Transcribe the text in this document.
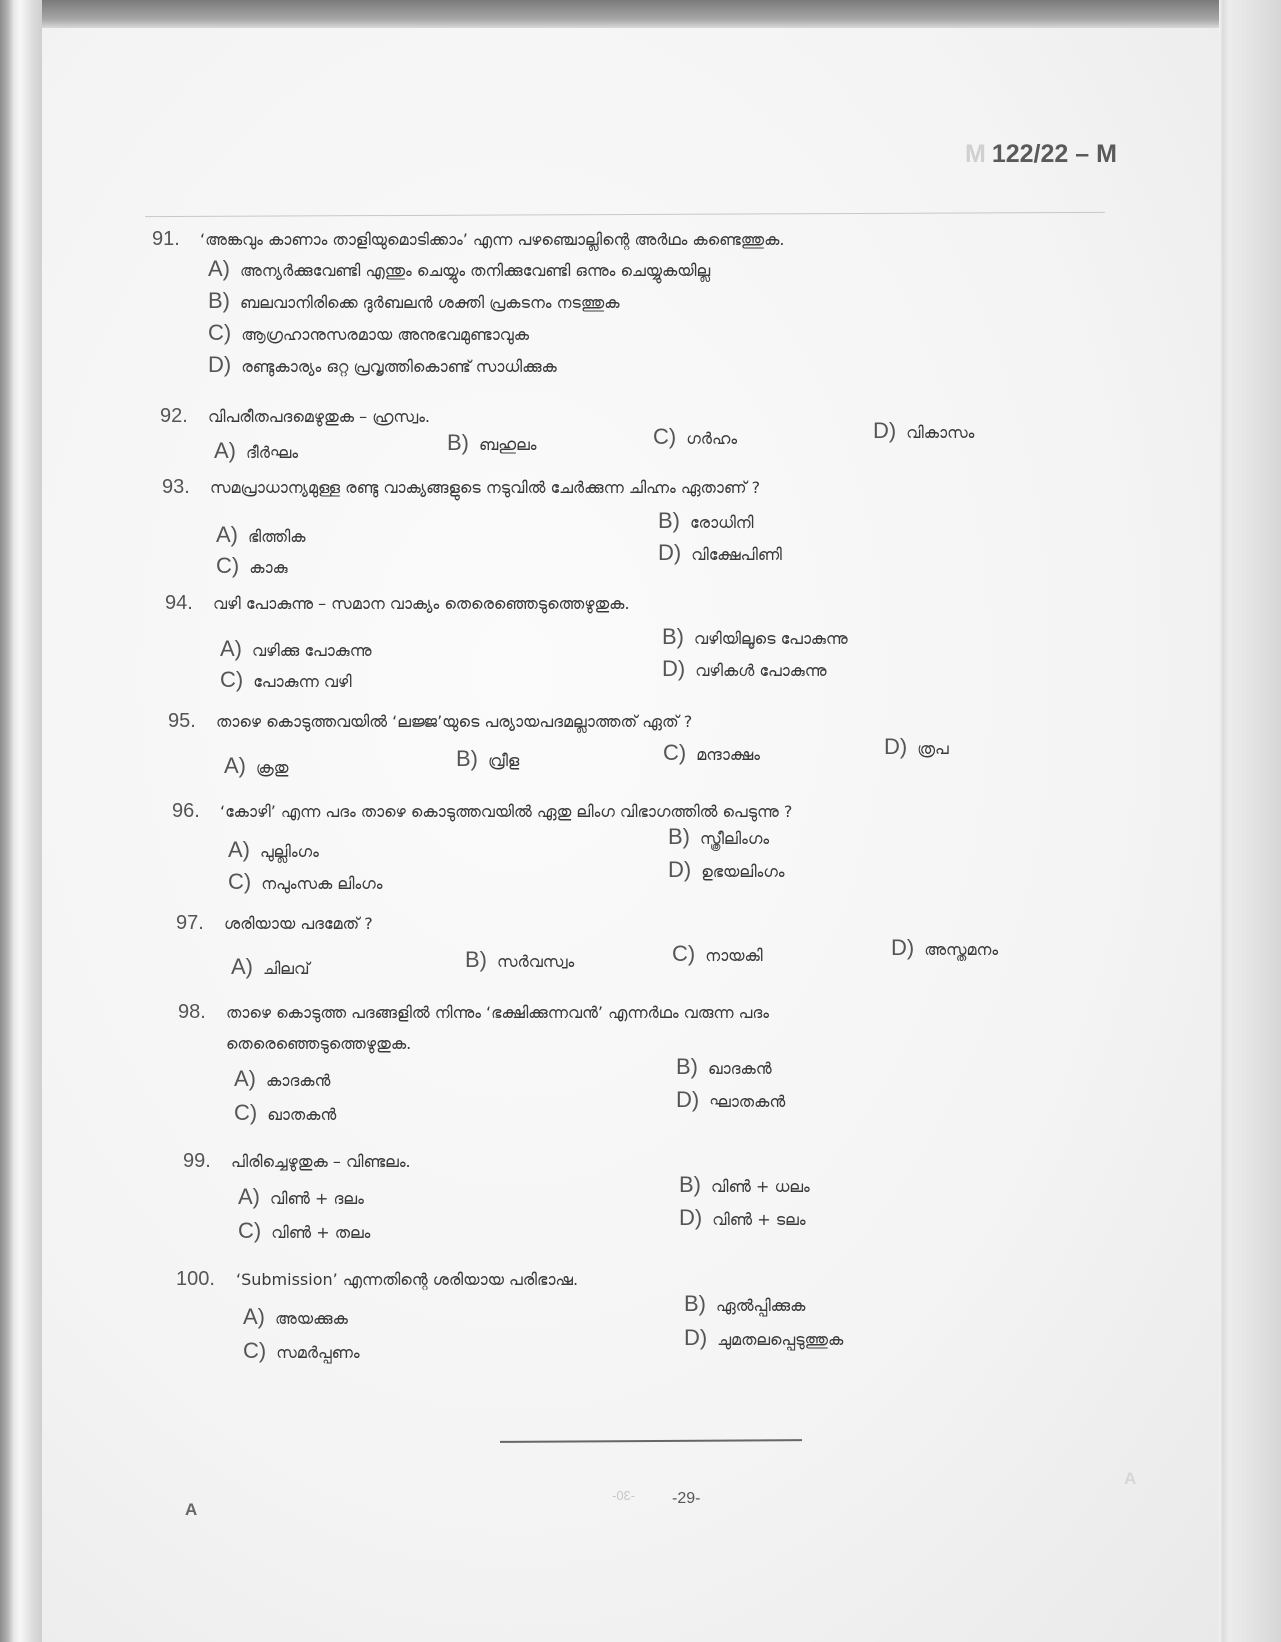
M 122/22 – M
91.	‘അങ്കവും കാണാം താളിയുമൊടിക്കാം’ എന്ന പഴഞ്ചൊല്ലിന്റെ അർഥം കണ്ടെത്തുക.
A) അന്യർക്കുവേണ്ടി എന്തും ചെയ്യും തനിക്കുവേണ്ടി ഒന്നും ചെയ്യുകയില്ല
B) ബലവാനിരിക്കെ ദുർബലൻ ശക്തി പ്രകടനം നടത്തുക
C) ആഗ്രഹാനുസരമായ അനുഭവമുണ്ടാവുക
D) രണ്ടുകാര്യം ഒറ്റ പ്രവൃത്തികൊണ്ട് സാധിക്കുക
92.	വിപരീതപദമെഴുതുക – ഹ്രസ്വം.
A) ദീർഘം	B) ബഹുലം	C) ഗർഹം	D) വികാസം
93.	സമപ്രാധാന്യമുള്ള രണ്ടു വാക്യങ്ങളുടെ നടുവിൽ ചേർക്കുന്ന ചിഹ്നം ഏതാണ് ?
A) ഭിത്തിക
B) രോധിനി
C) കാകു
D) വിക്ഷേപിണി
94.	വഴി പോകുന്നു – സമാന വാക്യം തെരെഞ്ഞെടുത്തെഴുതുക.
A) വഴിക്കു പോകുന്നു
B) വഴിയിലൂടെ പോകുന്നു
C) പോകുന്ന വഴി
D) വഴികൾ പോകുന്നു
95.	താഴെ കൊടുത്തവയിൽ ‘ലജ്ജ’യുടെ പര്യായപദമല്ലാത്തത് ഏത് ?
A) ക്രതു	B) വ്രീള	C) മന്ദാക്ഷം	D) ത്രപ
96.	‘കോഴി’ എന്ന പദം താഴെ കൊടുത്തവയിൽ ഏതു ലിംഗ വിഭാഗത്തിൽ പെടുന്നു ?
A) പുല്ലിംഗം
B) സ്ത്രീലിംഗം
C) നപുംസക ലിംഗം
D) ഉഭയലിംഗം
97.	ശരിയായ പദമേത് ?
A) ചിലവ്	B) സർവസ്വം	C) നായകി	D) അസ്തമനം
98.	താഴെ കൊടുത്ത പദങ്ങളിൽ നിന്നും ‘ഭക്ഷിക്കുന്നവൻ’ എന്നർഥം വരുന്ന പദം
തെരെഞ്ഞെടുത്തെഴുതുക.
A) കാദകൻ
B) ഖാദകൻ
C) ഖാതകൻ
D) ഘാതകൻ
99.	പിരിച്ചെഴുതുക – വിണ്ടലം.
A) വിൺ + ദലം
B) വിൺ + ധലം
C) വിൺ + തലം
D) വിൺ + ടലം
100.	‘Submission’ എന്നതിന്റെ ശരിയായ പരിഭാഷ.
A) അയക്കുക
B) ഏൽപ്പിക്കുക
C) സമർപ്പണം
D) ചുമതലപ്പെടുത്തുക
-30- -29-
A
A
